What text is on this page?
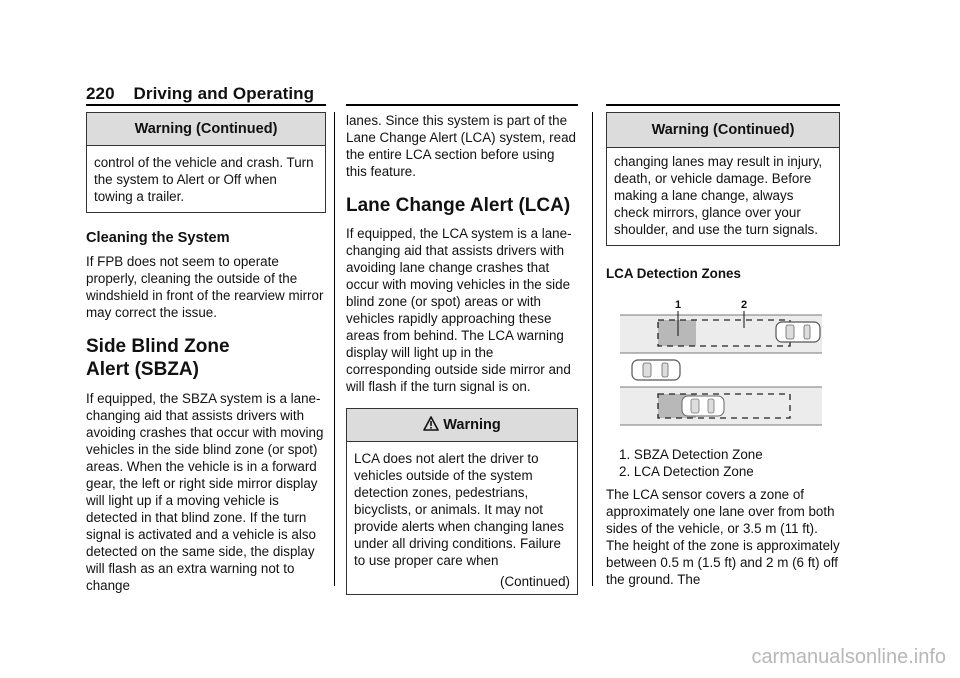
220 Driving and Operating
Warning (Continued)
control of the vehicle and crash. Turn the system to Alert or Off when towing a trailer.
Cleaning the System

If FPB does not seem to operate properly, cleaning the outside of the windshield in front of the rearview mirror may correct the issue.

Side Blind Zone
Alert (SBZA)

If equipped, the SBZA system is a lane-changing aid that assists drivers with avoiding crashes that occur with moving vehicles in the side blind zone (or spot) areas. When the vehicle is in a forward gear, the left or right side mirror display will light up if a moving vehicle is detected in that blind zone. If the turn signal is activated and a vehicle is also detected on the same side, the display will flash as an extra warning not to change

lanes. Since this system is part of the Lane Change Alert (LCA) system, read the entire LCA section before using this feature.

Lane Change Alert (LCA)

If equipped, the LCA system is a lane-changing aid that assists drivers with avoiding lane change crashes that occur with moving vehicles in the side blind zone (or spot) areas or with vehicles rapidly approaching these areas from behind. The LCA warning display will light up in the corresponding outside side mirror and will flash if the turn signal is on.

Warning
LCA does not alert the driver to vehicles outside of the system detection zones, pedestrians, bicyclists, or animals. It may not provide alerts when changing lanes under all driving conditions. Failure to use proper care when
(Continued)
Warning (Continued)
changing lanes may result in injury, death, or vehicle damage. Before making a lane change, always check mirrors, glance over your shoulder, and use the turn signals.
LCA Detection Zones
1	2
1. SBZA Detection Zone
2. LCA Detection Zone

The LCA sensor covers a zone of approximately one lane over from both sides of the vehicle, or 3.5 m (11 ft). The height of the zone is approximately between 0.5 m (1.5 ft) and 2 m (6 ft) off the ground. The

carmanualsonline.info
